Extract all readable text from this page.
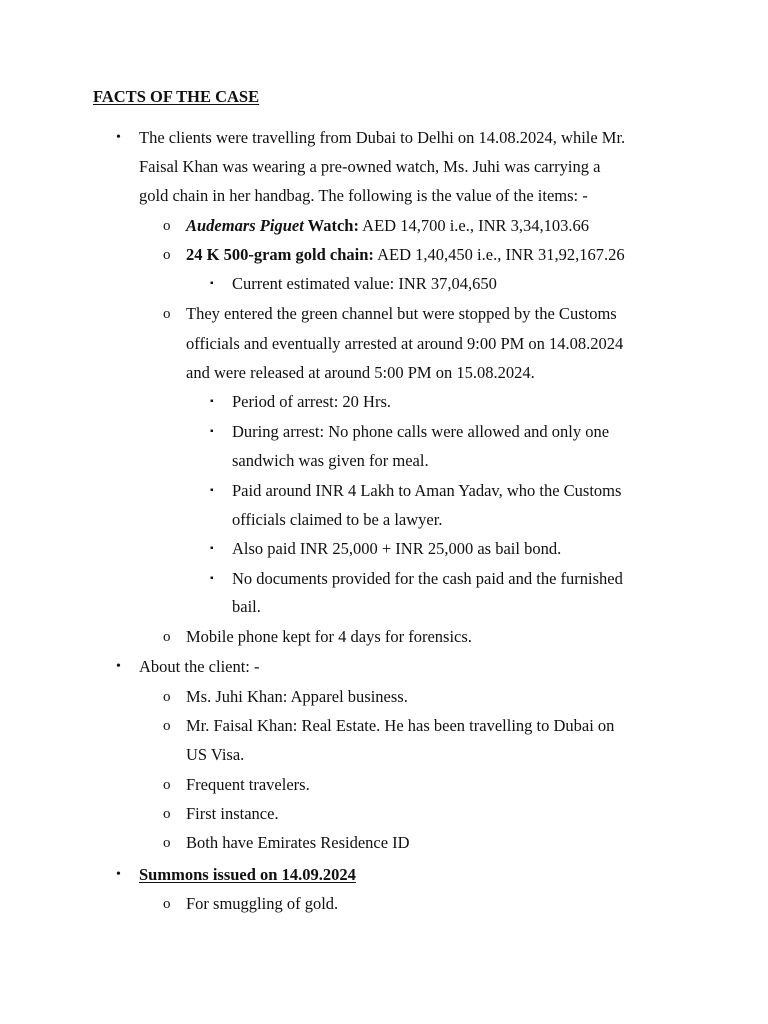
FACTS OF THE CASE

• The clients were travelling from Dubai to Delhi on 14.08.2024, while Mr.

Faisal Khan was wearing a pre-owned watch, Ms. Juhi was carrying a

gold chain in her handbag. The following is the value of the items: -

o Audemars Piguet Watch: AED 14,700 i.e., INR 3,34,103.66

o 24 K 500-gram gold chain: AED 1,40,450 i.e., INR 31,92,167.26

▪ Current estimated value: INR 37,04,650

o They entered the green channel but were stopped by the Customs

officials and eventually arrested at around 9:00 PM on 14.08.2024

and were released at around 5:00 PM on 15.08.2024.

▪ Period of arrest: 20 Hrs.

▪ During arrest: No phone calls were allowed and only one

sandwich was given for meal.

▪ Paid around INR 4 Lakh to Aman Yadav, who the Customs

officials claimed to be a lawyer.

▪ Also paid INR 25,000 + INR 25,000 as bail bond.

▪ No documents provided for the cash paid and the furnished

bail.

o Mobile phone kept for 4 days for forensics.

• About the client: -

o Ms. Juhi Khan: Apparel business.

o Mr. Faisal Khan: Real Estate. He has been travelling to Dubai on

US Visa.

o Frequent travelers.

o First instance.

o Both have Emirates Residence ID

• Summons issued on 14.09.2024

o For smuggling of gold.
